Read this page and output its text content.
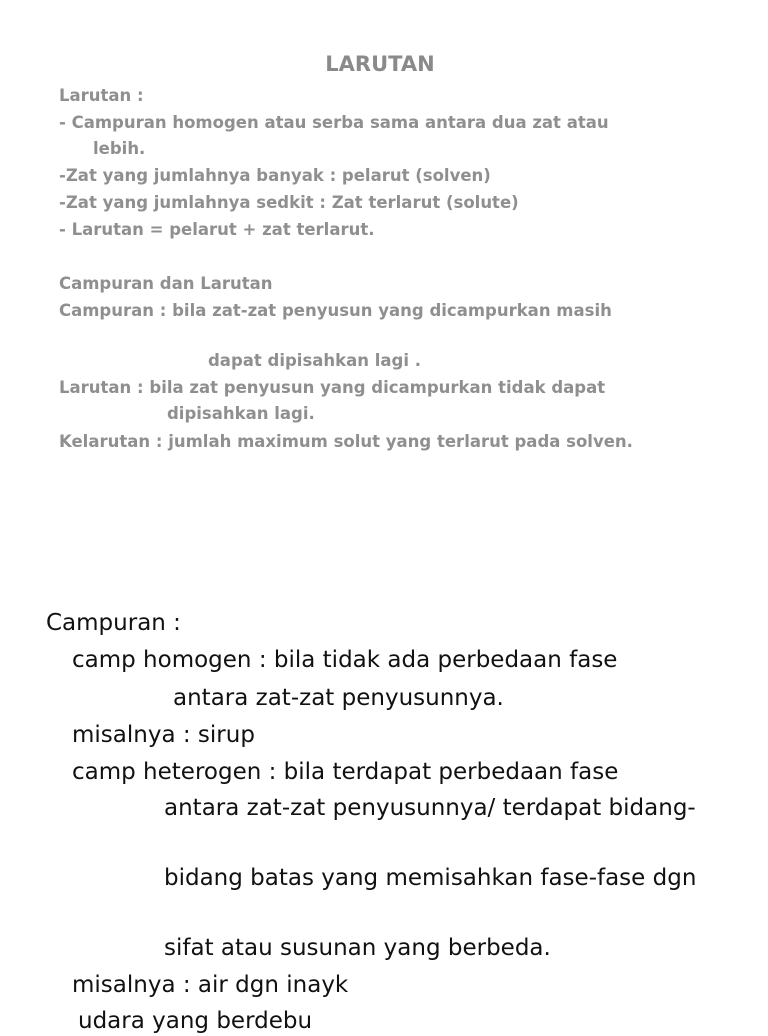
LARUTAN
Larutan :
- Campuran homogen atau serba sama antara dua zat atau
lebih.
-Zat yang jumlahnya banyak : pelarut (solven)
-Zat yang jumlahnya sedkit : Zat terlarut (solute)
- Larutan = pelarut + zat terlarut.
Campuran dan Larutan
Campuran : bila zat-zat penyusun yang dicampurkan masih
dapat dipisahkan lagi .
Larutan : bila zat penyusun yang dicampurkan tidak dapat
dipisahkan lagi.
Kelarutan : jumlah maximum solut yang terlarut pada solven.
Campuran :
camp homogen : bila tidak ada perbedaan fase
antara zat-zat penyusunnya.
misalnya : sirup
camp heterogen : bila terdapat perbedaan fase
antara zat-zat penyusunnya/ terdapat bidang-
bidang batas yang memisahkan fase-fase dgn
sifat atau susunan yang berbeda.
misalnya : air dgn inayk
udara yang berdebu
